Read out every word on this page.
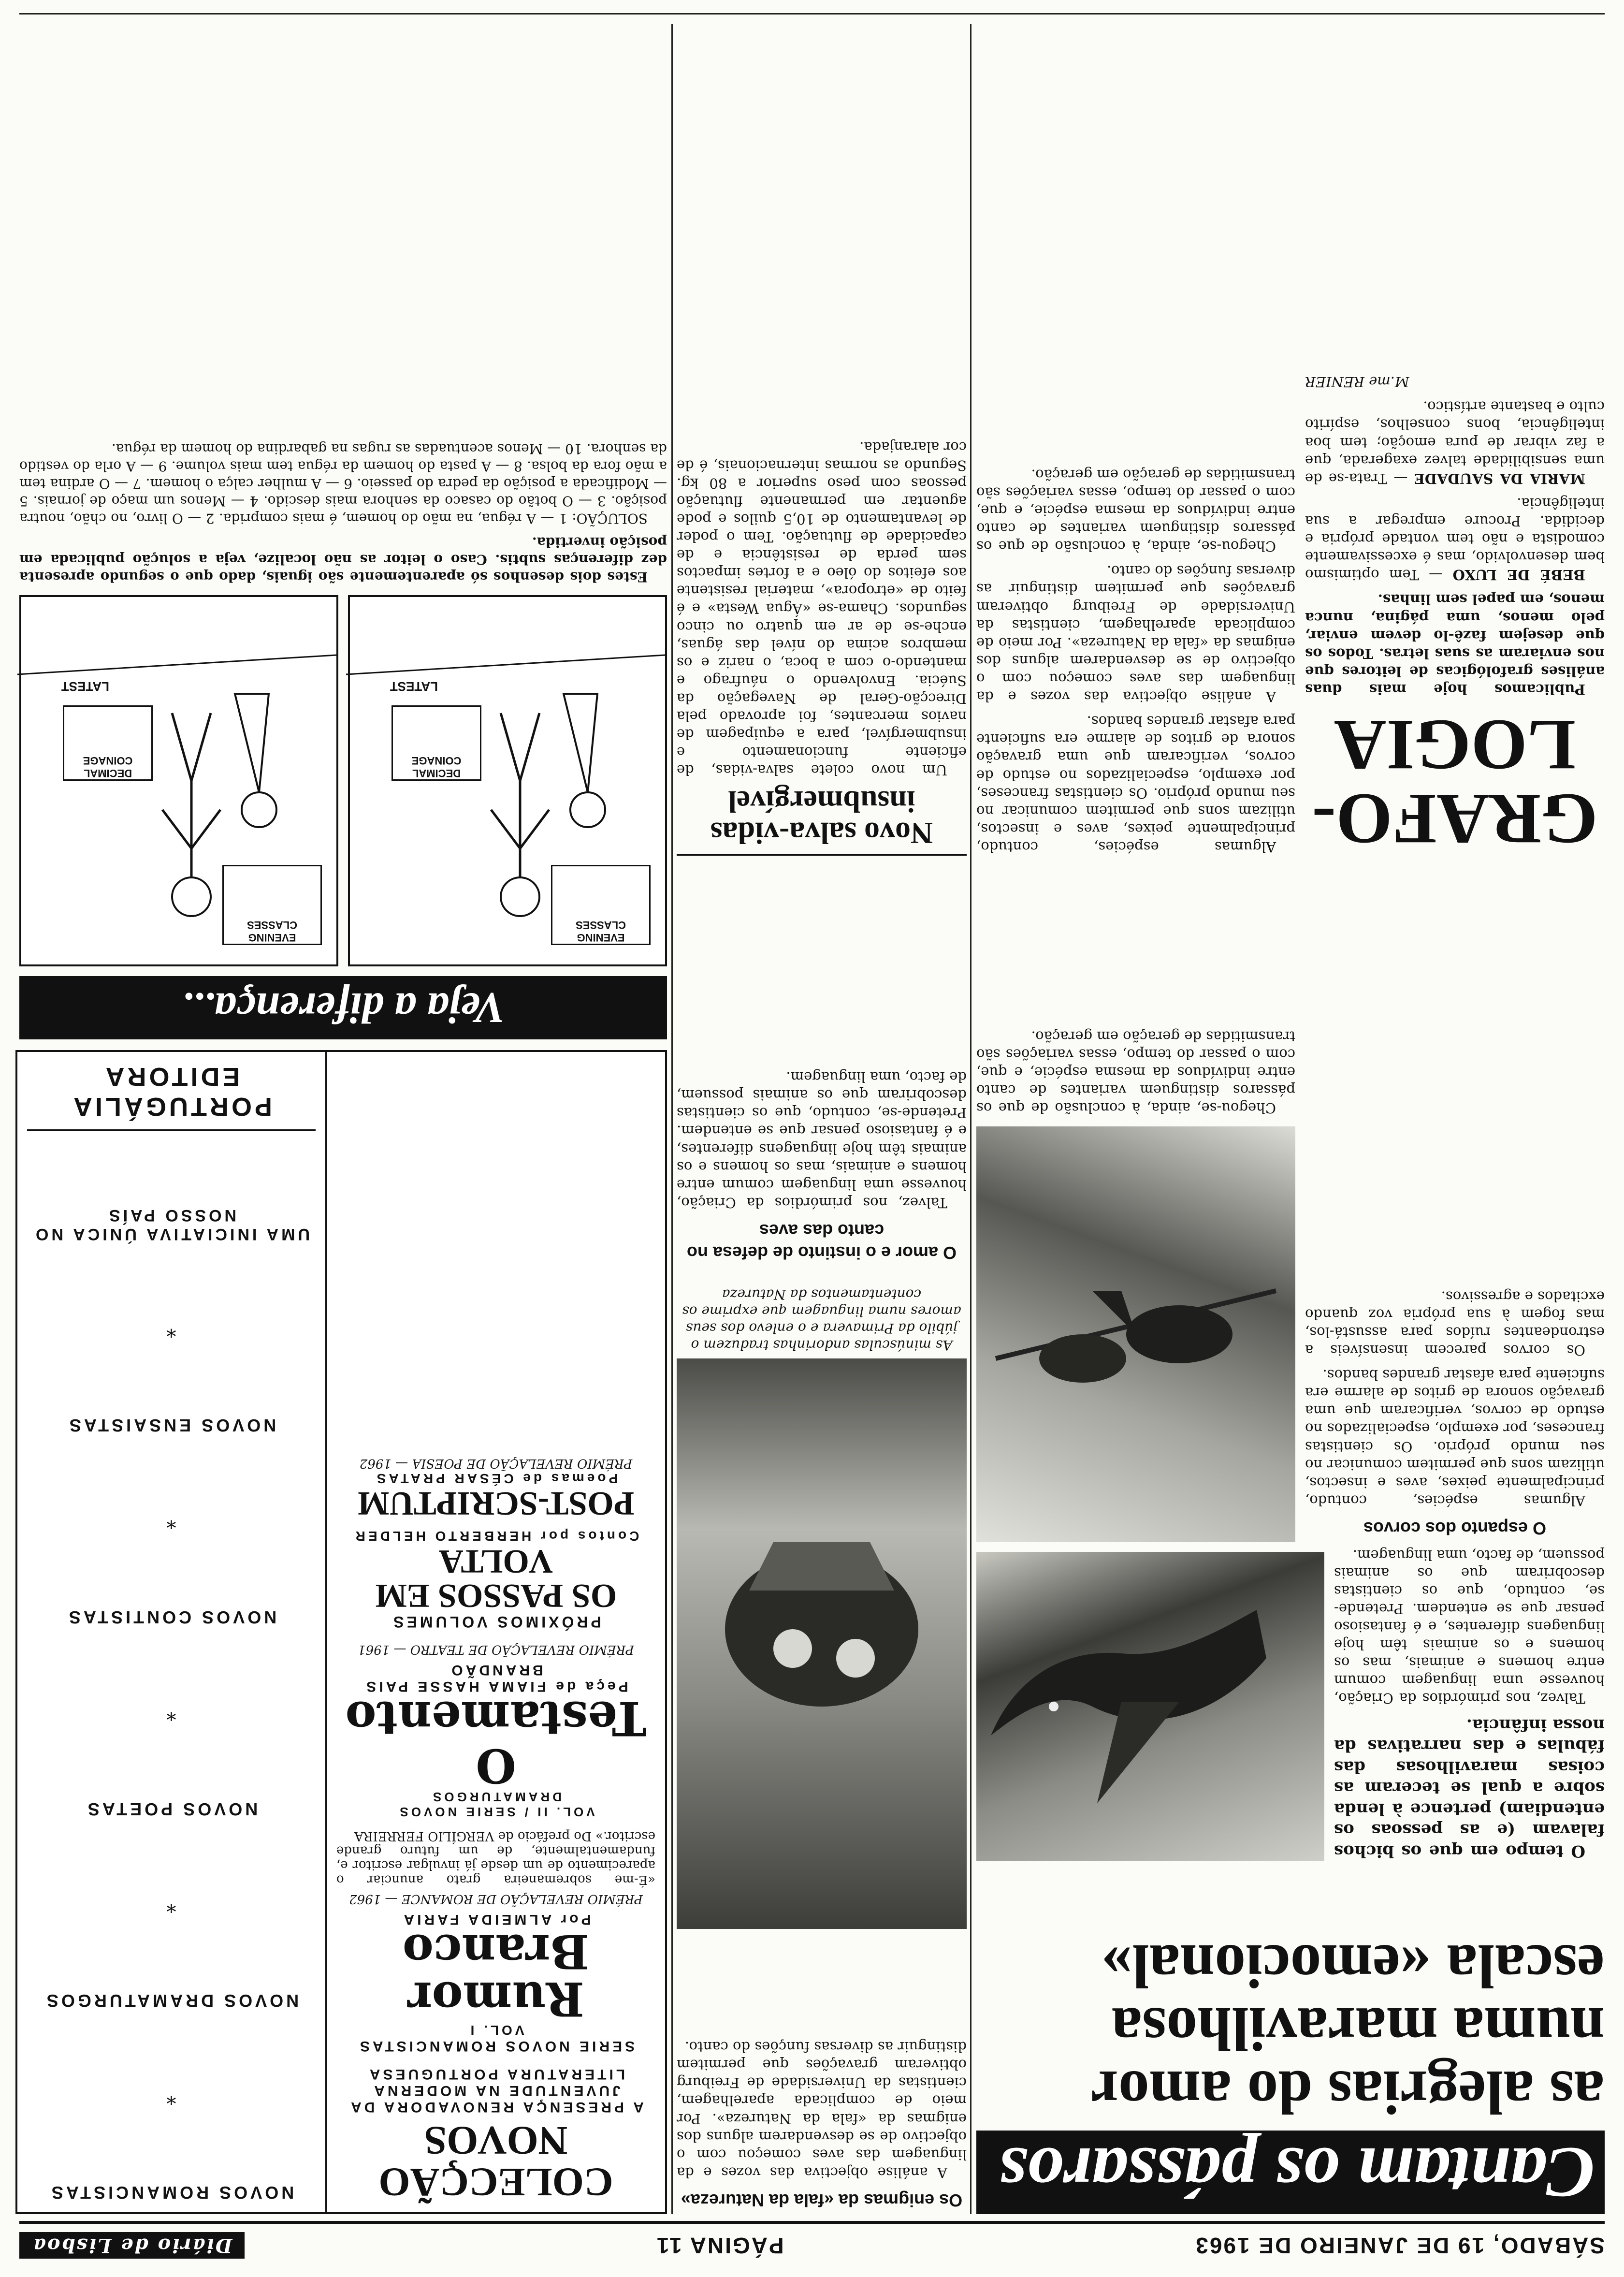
SÁBADO, 19 DE JANEIRO DE 1963
PÁGINA 11
Diário de Lisboa
Cantam os pássaros
as alegrias do amor
numa maravilhosa
escala «emocional»

O tempo em que os bichos falavam (e as pessoas os entendiam) pertence à lenda sobre a qual se teceram as coisas maravilhosas das fábulas e das narrativas da nossa infância.

Talvez, nos primórdios da Criação, houvesse uma linguagem comum entre homens e animais, mas os homens e os animais têm hoje linguagens diferentes, e é fantasioso pensar que se entendem. Pretende-se, contudo, que os cientistas descobriram que os animais possuem, de facto, uma linguagem.

O espanto dos corvos

Algumas espécies, contudo, principalmente peixes, aves e insectos, utilizam sons que permitem comunicar no seu mundo próprio. Os cientistas franceses, por exemplo, especializados no estudo de corvos, verificaram que uma gravação sonora de gritos de alarme era suficiente para afastar grandes bandos.

Os corvos parecem insensíveis a estrondeantes ruídos para assustá-los, mas fogem à sua própria voz quando excitados e agressivos.

Chegou-se, ainda, à conclusão de que os pássaros distinguem variantes de canto entre indivíduos da mesma espécie, e que, com o passar do tempo, essas variações são transmitidas de geração em geração.

Os enigmas da «fala da Natureza»

A análise objectiva das vozes e da linguagem das aves começou com o objectivo de se desvendarem alguns dos enigmas da «fala da Natureza». Por meio de complicada aparelhagem, cientistas da Universidade de Freiburg obtiveram gravações que permitem distinguir as diversas funções do canto.

As minúsculas andorinhas traduzem o júbilo da Primavera e o enlevo dos seus amores numa linguagem que exprime os contentamentos da Natureza
O amor e o instinto de defesa no canto das aves

Talvez, nos primórdios da Criação, houvesse uma linguagem comum entre homens e animais, mas os homens e os animais têm hoje linguagens diferentes, e é fantasioso pensar que se entendem. Pretende-se, contudo, que os cientistas descobriram que os animais possuem, de facto, uma linguagem.

Novo salva-vidas
insubmergível

Um novo colete salva-vidas, de eficiente funcionamento e insubmergível, para a equipagem de navios mercantes, foi aprovado pela Direcção-Geral de Navegação da Suécia. Envolvendo o náufrago e mantendo-o com a boca, o nariz e os membros acima do nível das águas, enche-se de ar em quatro ou cinco segundos. Chama-se «Água Westa» e é feito de «etropora», material resistente aos efeitos do óleo e a fortes impactos sem perda de resistência e de capacidade de flutuação. Tem o poder de levantamento de 10,5 quilos e pode aguentar em permanente flutuação pessoas com peso superior a 80 kg. Segundo as normas internacionais, é de cor alaranjada.

GRAFO-
LOGIA

Publicamos hoje mais duas análises grafológicas de leitores que nos enviaram as suas letras. Todos os que desejem fazê-lo devem enviar, pelo menos, uma página, nunca menos, em papel sem linhas.

BEBÉ DE LUXO — Tem optimismo bem desenvolvido, mas é excessivamente comodista e não tem vontade própria e decidida. Procure empregar a sua inteligência.

MARIA DA SAUDADE — Trata-se de uma sensibilidade talvez exagerada, que a faz vibrar de pura emoção; tem boa inteligência, bons conselhos, espírito culto e bastante artístico.

M.me RENIER

Algumas espécies, contudo, principalmente peixes, aves e insectos, utilizam sons que permitem comunicar no seu mundo próprio. Os cientistas franceses, por exemplo, especializados no estudo de corvos, verificaram que uma gravação sonora de gritos de alarme era suficiente para afastar grandes bandos.

A análise objectiva das vozes e da linguagem das aves começou com o objectivo de se desvendarem alguns dos enigmas da «fala da Natureza». Por meio de complicada aparelhagem, cientistas da Universidade de Freiburg obtiveram gravações que permitem distinguir as diversas funções do canto.

Chegou-se, ainda, à conclusão de que os pássaros distinguem variantes de canto entre indivíduos da mesma espécie, e que, com o passar do tempo, essas variações são transmitidas de geração em geração.

Veja a diferença...
EVENING CLASSES
DECIMAL COINAGE
LATEST
EVENING CLASSES
DECIMAL COINAGE
LATEST

Estes dois desenhos só aparentemente são iguais, dado que o segundo apresenta dez diferenças subtis. Caso o leitor as não localize, veja a solução publicada em posição invertida.

SOLUÇÃO: 1 — A régua, na mão do homem, é mais comprida. 2 — O livro, no chão, noutra posição. 3 — O botão do casaco da senhora mais descido. 4 — Menos um maço de jornais. 5 — Modificada a posição da pedra do passeio. 6 — A mulher calça o homem. 7 — O ardina tem a mão fora da bolsa. 8 — A pasta do homem da régua tem mais volume. 9 — A orla do vestido da senhora. 10 — Menos acentuadas as rugas na gabardina do homem da régua.

COLECÇÃO NOVOS
A PRESENÇA RENOVADORA DA JUVENTUDE NA MODERNA LITERATURA PORTUGUESA
SERIE NOVOS ROMANCISTAS
VOL. I
Rumor Branco
Por ALMEIDA FARIA
PRÉMIO REVELAÇÃO DE ROMANCE — 1962
«É-me sobremaneira grato anunciar o aparecimento de um desde já invulgar escritor e, fundamentalmente, de um futuro grande escritor.» Do prefácio de VERGÍLIO FERREIRA
VOL. II / SERIE NOVOS DRAMATURGOS
O Testamento
Peça de FIAMA HASSE PAIS BRANDÃO
PRÉMIO REVELAÇÃO DE TEATRO — 1961
PRÓXIMOS VOLUMES
OS PASSOS EM VOLTA
Contos por HERBERTO HELDER
POST-SCRIPTUM
Poemas de CÉSAR PRATAS
PRÉMIO REVELAÇÃO DE POESIA — 1962
NOVOS ROMANCISTAS
*
NOVOS DRAMATURGOS
*
NOVOS POETAS
*
NOVOS CONTISTAS
*
NOVOS ENSAISTAS
*
UMA INICIATIVA ÚNICA NO NOSSO PAÍS
PORTUGÁLIA EDITORA
